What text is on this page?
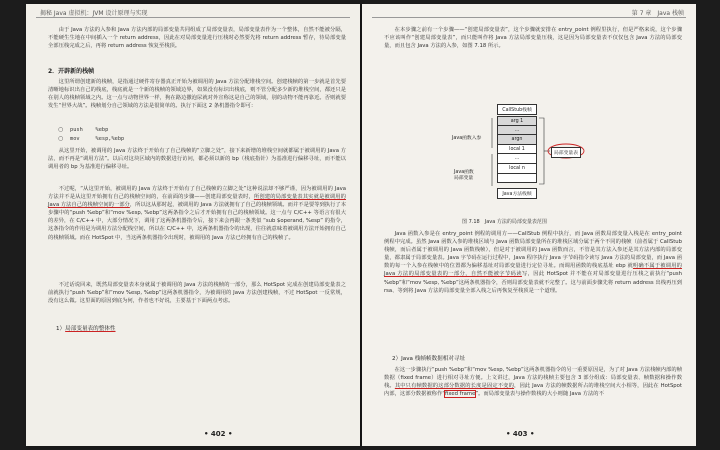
揭秘 Java 虚拟机：JVM 设计原理与实现

由于 Java 方法的入参和 Java 方法内部的局部变量共同组成了局部变量表，局部变量表作为一个整体，自然不能被分隔，不能硬生生地在中间插入一个 return address，因此在对局部变量进行压栈时必然要先将 return address 暂存，待局部变量全部压栈完成之后，再将 return address 恢复至栈顶。

2．开辟新的栈帧

这里所谓创建新的栈帧，是指通过硬件寄存器真正开始为被调用的 Java 方法分配堆栈空间。创建栈帧的第一步就是首先要清晰地标识出自己的栈底，栈底就是一个新的栈帧的领域边界，如果没有标识出栈底，则不管分配多少新的堆栈空间，都还只是在别人的栈帧领域之内。这一点与动物世界一样，狗在路边撒泡尿就对外宣称这是自己的领域，别的动物不能再靠近。否则就要发生“世界大战”。栈帧划分自己领域的方法是很简单的。执行下面这 2 条机器指令即可：

○ push    %ebp
○ mov     %esp,%ebp

从这里开始，被调用的 Java 方法终于开始有了自己栈帧的“立脚之处”，接下来新增的堆栈空间就都属于被调用的 Java 方法，而不再是“调用方法”。以后对这块区域内的数据进行访问，都必须以新的 bp（栈底指针）为基准进行偏移寻址，而不能以调用者的 bp 为基准进行偏移寻址。

不过呢，“从这里开始，被调用的 Java 方法终于开始有了自己栈帧的立脚之处”这种说法却不够严谨，因为被调用的 Java 方法并不是从这里开始拥有自己的栈帧空间的，在前面的步骤——创建局部变量表时，所创建的局部变量表其实就是被调用的 Java 方法自己的栈帧空间的一部分，所以这从那时起，被调用的 Java 方法就拥有了自己的栈帧领域。而并不是要等到执行了本步骤中的“push %ebp”和“mov %esp, %ebp”这两条指令之后才开始拥有自己的栈帧领域。这一点与 C/C++ 等语言有很大的差异，在 C/C++ 中，大部分情况下，调用了这两条机器指令后，接下来会再跟一条类似 “sub $operand, %esp” 的指令，这条指令的作用是为调用方法分配栈空间，所以在 C/C++ 中，这两条机器指令的出现，往往就意味着被调用方法开始拥有自己的栈帧领域。而在 HotSpot 中，当这两条机器指令出现时，被调用的 Java 方法已经拥有自己的栈帧了。

不过话说回来，既然局部变量表本身就属于被调用的 Java 方法的栈帧的一部分，那么 HotSpot 完成在创建局部变量表之前就执行“push %ebp”和“mov %esp, %ebp”这两条机器指令，为被调用的 Java 方法创建栈帧，不过 HotSpot 一反常规，没有这么做。这里面的原因到底为何，作者也不好说，主要基于下面两点考虑。

1）局部变量表的整体性
• 402 •
第 7 章　Java 栈帧

在本步骤之前有一个步骤——“创建局部变量表”，这个步骤就安排在 entry_point 例程里执行，但是严格来说，这个步骤不应该叫作“创建局部变量表”，而只能叫作将 Java 方法局部变量压栈，这是因为局部变量表不仅仅包含 Java 方法的局部变量，而且包含 Java 方法的入参，如图 7.18 所示。

CallStub栈帧
arg 1
...
argn
local 1
...
local n
Java函数入参
Java函数
局部变量
局部变量表
Java方法栈帧
图 7.18　Java 方法的局部变量表范围

Java 函数入参是在 entry_point 例程的调用方——CallStub 例程中执行，而 Java 函数局部变量入栈是在 entry_point 例程中完成。虽然 Java 函数入参的堆栈区域与 Java 函数局部变量所在的堆栈区域分属于两个不同的栈帧（前者属于 CallStub 栈帧，而后者属于被调用的 Java 函数栈帧），但是对于被调用的 Java 函数而言，不管是其方法入参还是其方法内部的局部变量，都隶属于局部变量表。Java 字节码在运行过程中，Java 程序执行 Java 字节码指令读写 Java 方法的局部变量，而 Java 函数的每一个入参在栈帧中的位置都为偏移基址对局部变量进行定位寻址。而调用函数的栈底基址 ebp 就明确不属于被调用的 Java 方法的局部变量表的一部分，自然不能被字节码读写，因此 HotSpot 并不能在对局部变量进行压栈之前执行“push %ebp”和“mov %esp, %ebp”这两条机器指令，否则局部变量表就不完整了。这与前面步骤先将 return address 出栈再压到 rsa、等到将 Java 方法的局部变量全部入栈之后再恢复至栈顶是一个道理。

2）Java 栈帧帧数据相对寻址

在这一步骤执行“push %ebp”和“mov %esp, %ebp”这两条机器指令的另一重要原因是，为了对 Java 方法栈帧内部的帧数据（fixed frame）进行相对寻址方便。上文讲过，Java 方法的栈帧主要包含 3 部分组成：局部变量表、帧数据和操作数栈。其中只有帧数据的这部分数据的长度是固定不变的，因此 Java 方法的帧数据所占的堆栈空间大小相等，因此在 HotSpot 内部，这部分数据被称作“fixed frame”。而局部变量表与操作数栈的大小则随 Java 方法的不

• 403 •
